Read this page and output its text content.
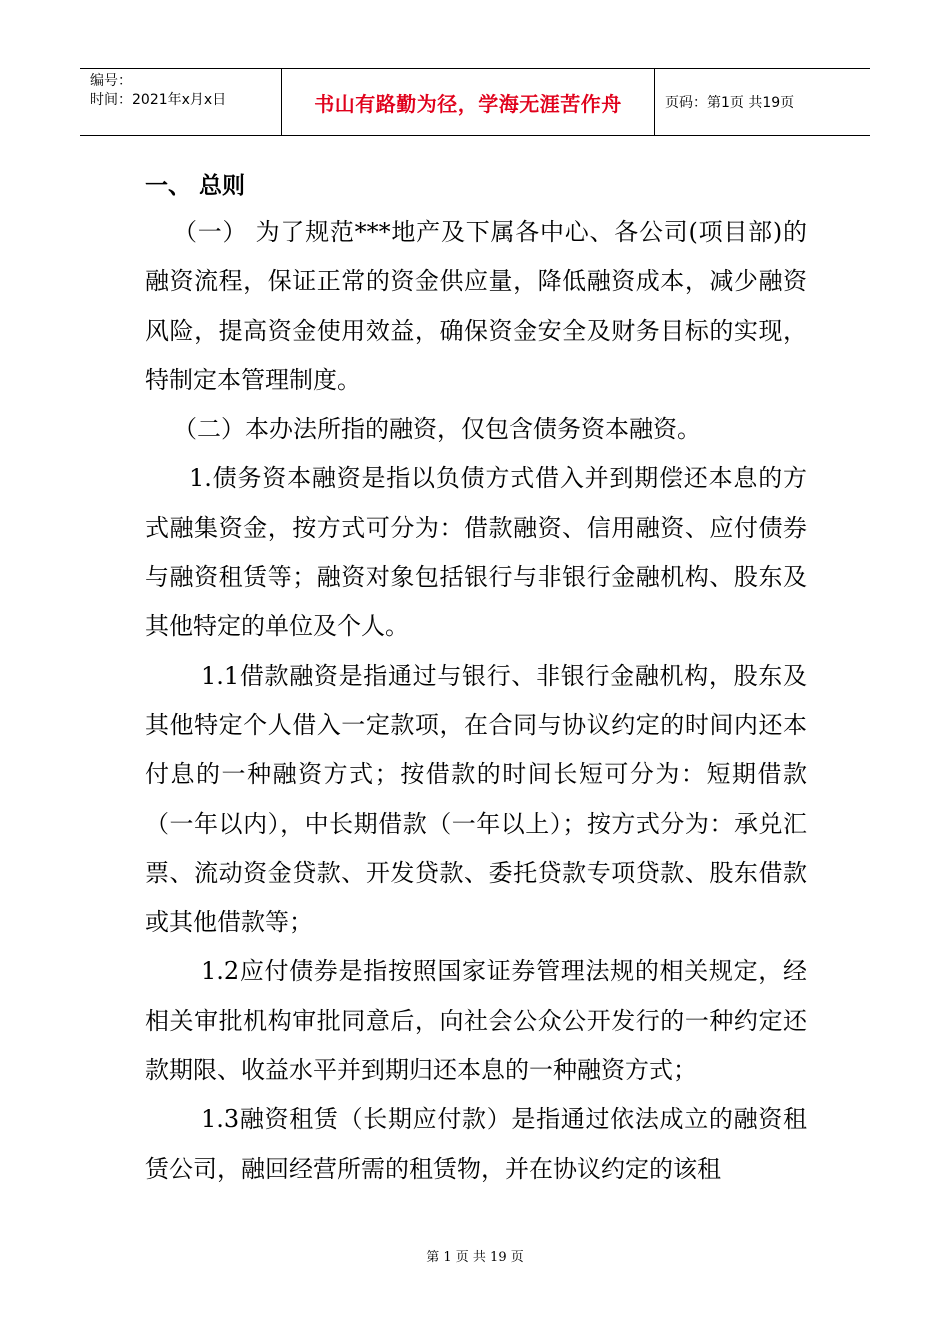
编号：
时间：2021年x月x日	书山有路勤为径，学海无涯苦作舟	页码：第1页 共19页
一、 总则

（一） 为了规范***地产及下属各中心、各公司(项目部)的融资流程，保证正常的资金供应量，降低融资成本，减少融资风险，提高资金使用效益，确保资金安全及财务目标的实现，特制定本管理制度。

（二）本办法所指的融资，仅包含债务资本融资。

1.债务资本融资是指以负债方式借入并到期偿还本息的方式融集资金，按方式可分为：借款融资、信用融资、应付债券与融资租赁等；融资对象包括银行与非银行金融机构、股东及其他特定的单位及个人。

1.1借款融资是指通过与银行、非银行金融机构，股东及其他特定个人借入一定款项，在合同与协议约定的时间内还本付息的一种融资方式；按借款的时间长短可分为：短期借款（一年以内），中长期借款（一年以上）；按方式分为：承兑汇票、流动资金贷款、开发贷款、委托贷款专项贷款、股东借款或其他借款等；

1.2应付债券是指按照国家证券管理法规的相关规定，经相关审批机构审批同意后，向社会公众公开发行的一种约定还款期限、收益水平并到期归还本息的一种融资方式；

1.3融资租赁（长期应付款）是指通过依法成立的融资租赁公司，融回经营所需的租赁物，并在协议约定的该租

第 1 页 共 19 页
